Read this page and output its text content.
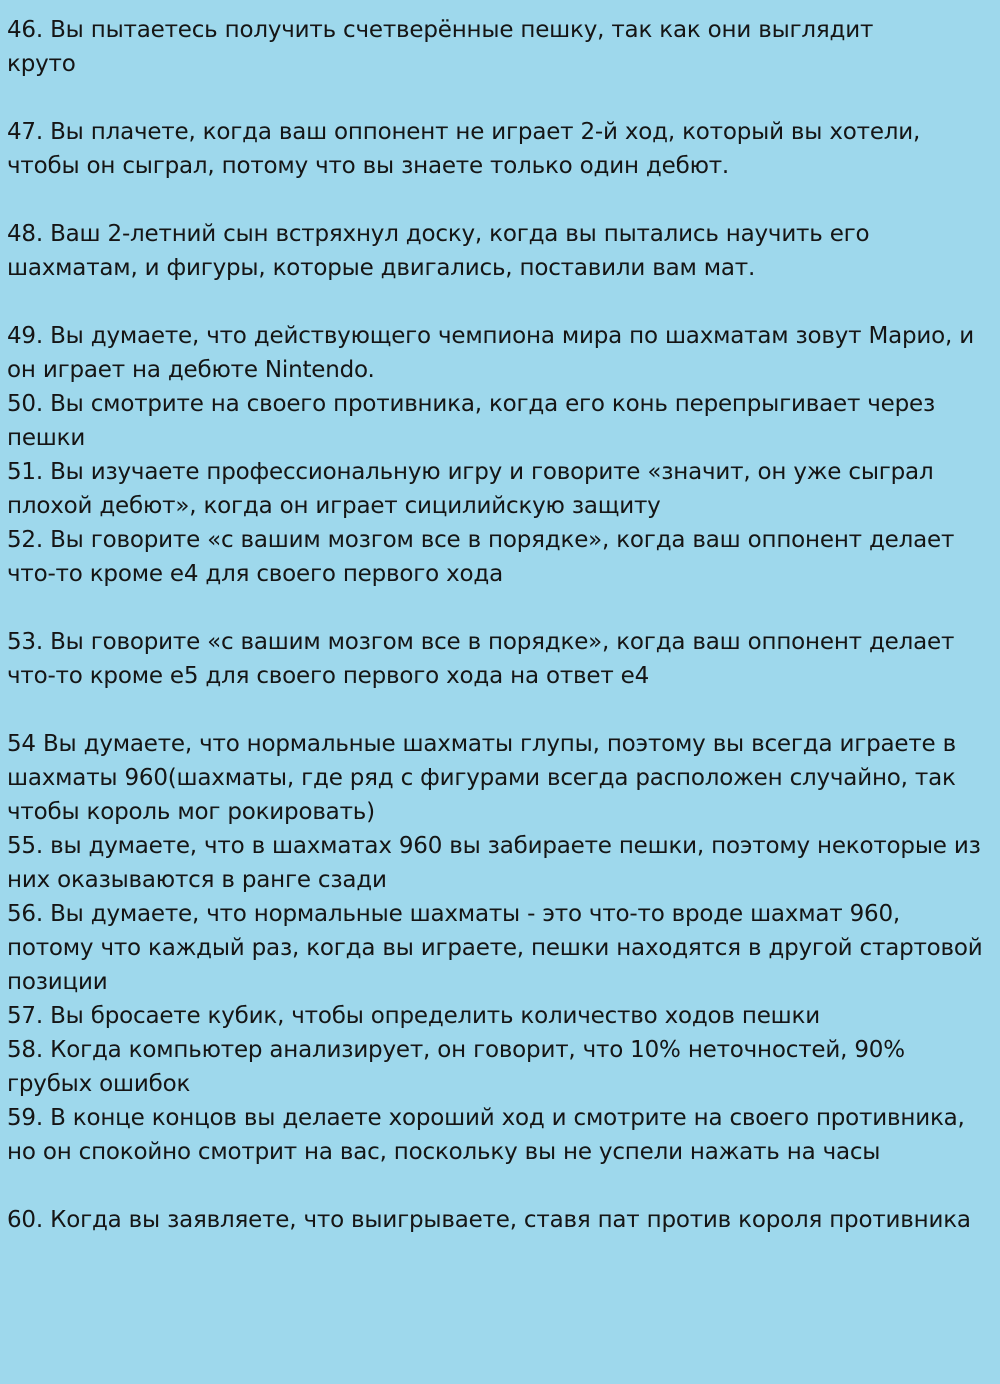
46. Вы пытаетесь получить счетверённые пешку, так как они выглядит
круто
47. Вы плачете, когда ваш оппонент не играет 2-й ход, который вы хотели,
чтобы он сыграл, потому что вы знаете только один дебют.
48. Ваш 2-летний сын встряхнул доску, когда вы пытались научить его
шахматам, и фигуры, которые двигались, поставили вам мат.
49. Вы думаете, что действующего чемпиона мира по шахматам зовут Марио, и
он играет на дебюте Nintendo.
50. Вы смотрите на своего противника, когда его конь перепрыгивает через
пешки
51. Вы изучаете профессиональную игру и говорите «значит, он уже сыграл
плохой дебют», когда он играет сицилийскую защиту
52. Вы говорите «с вашим мозгом все в порядке», когда ваш оппонент делает
что-то кроме e4 для своего первого хода
53. Вы говорите «с вашим мозгом все в порядке», когда ваш оппонент делает
что-то кроме e5 для своего первого хода на ответ e4
54 Вы думаете, что нормальные шахматы глупы, поэтому вы всегда играете в
шахматы 960(шахматы, где ряд с фигурами всегда расположен случайно, так
чтобы король мог рокировать)
55. вы думаете, что в шахматах 960 вы забираете пешки, поэтому некоторые из
них оказываются в ранге сзади
56. Вы думаете, что нормальные шахматы - это что-то вроде шахмат 960,
потому что каждый раз, когда вы играете, пешки находятся в другой стартовой
позиции
57. Вы бросаете кубик, чтобы определить количество ходов пешки
58. Когда компьютер анализирует, он говорит, что 10% неточностей, 90%
грубых ошибок
59. В конце концов вы делаете хороший ход и смотрите на своего противника,
но он спокойно смотрит на вас, поскольку вы не успели нажать на часы
60. Когда вы заявляете, что выигрываете, ставя пат против короля противника
